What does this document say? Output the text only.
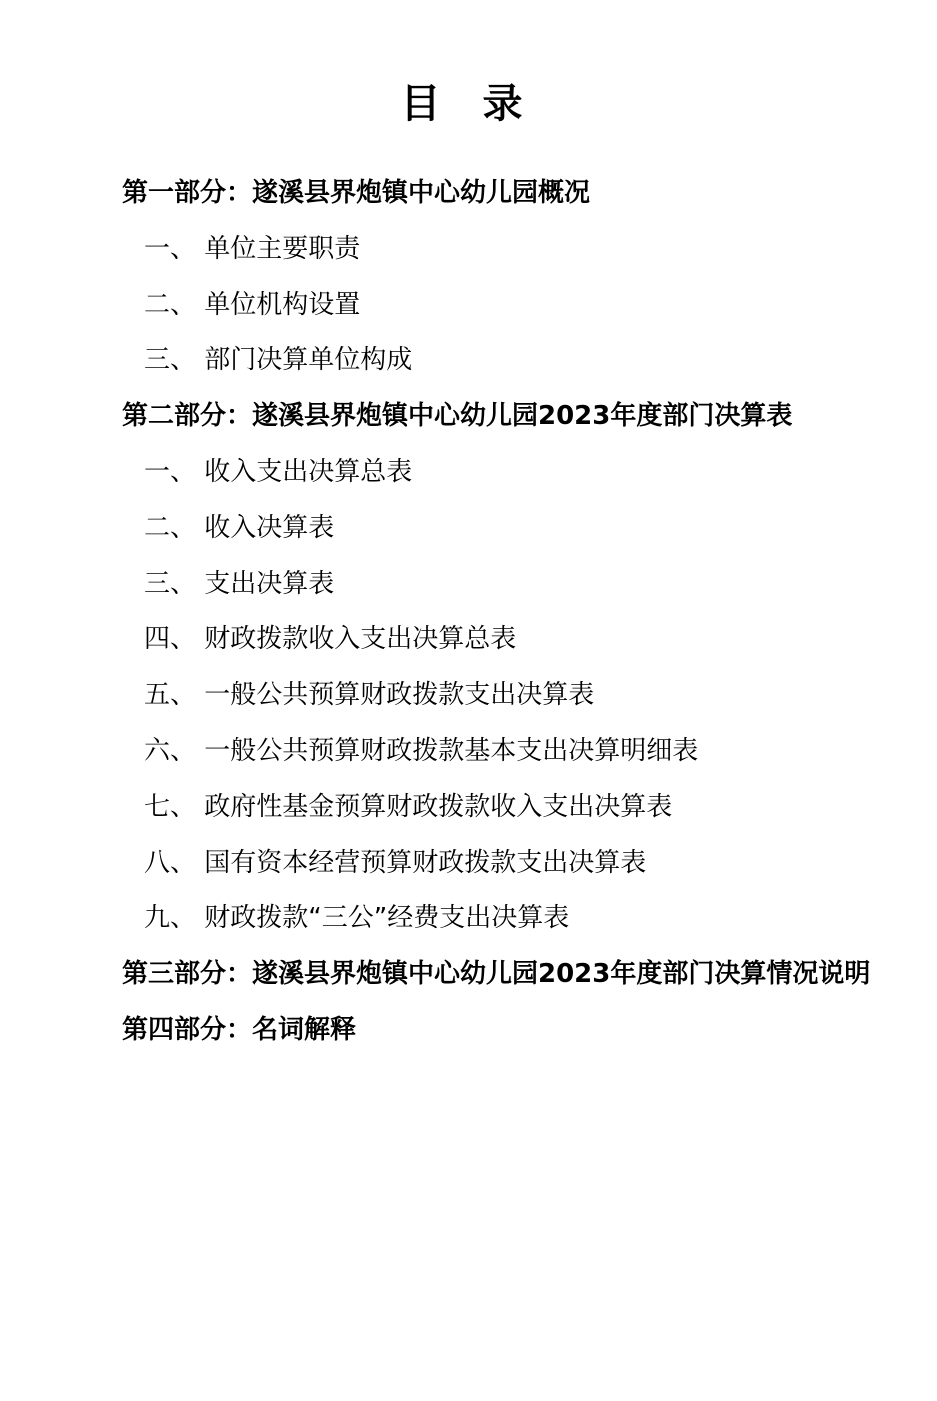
目 录
第一部分：遂溪县界炮镇中心幼儿园概况
一、 单位主要职责
二、 单位机构设置
三、 部门决算单位构成
第二部分：遂溪县界炮镇中心幼儿园2023年度部门决算表
一、 收入支出决算总表
二、 收入决算表
三、 支出决算表
四、 财政拨款收入支出决算总表
五、 一般公共预算财政拨款支出决算表
六、 一般公共预算财政拨款基本支出决算明细表
七、 政府性基金预算财政拨款收入支出决算表
八、 国有资本经营预算财政拨款支出决算表
九、 财政拨款“三公”经费支出决算表
第三部分：遂溪县界炮镇中心幼儿园2023年度部门决算情况说明
第四部分：名词解释
